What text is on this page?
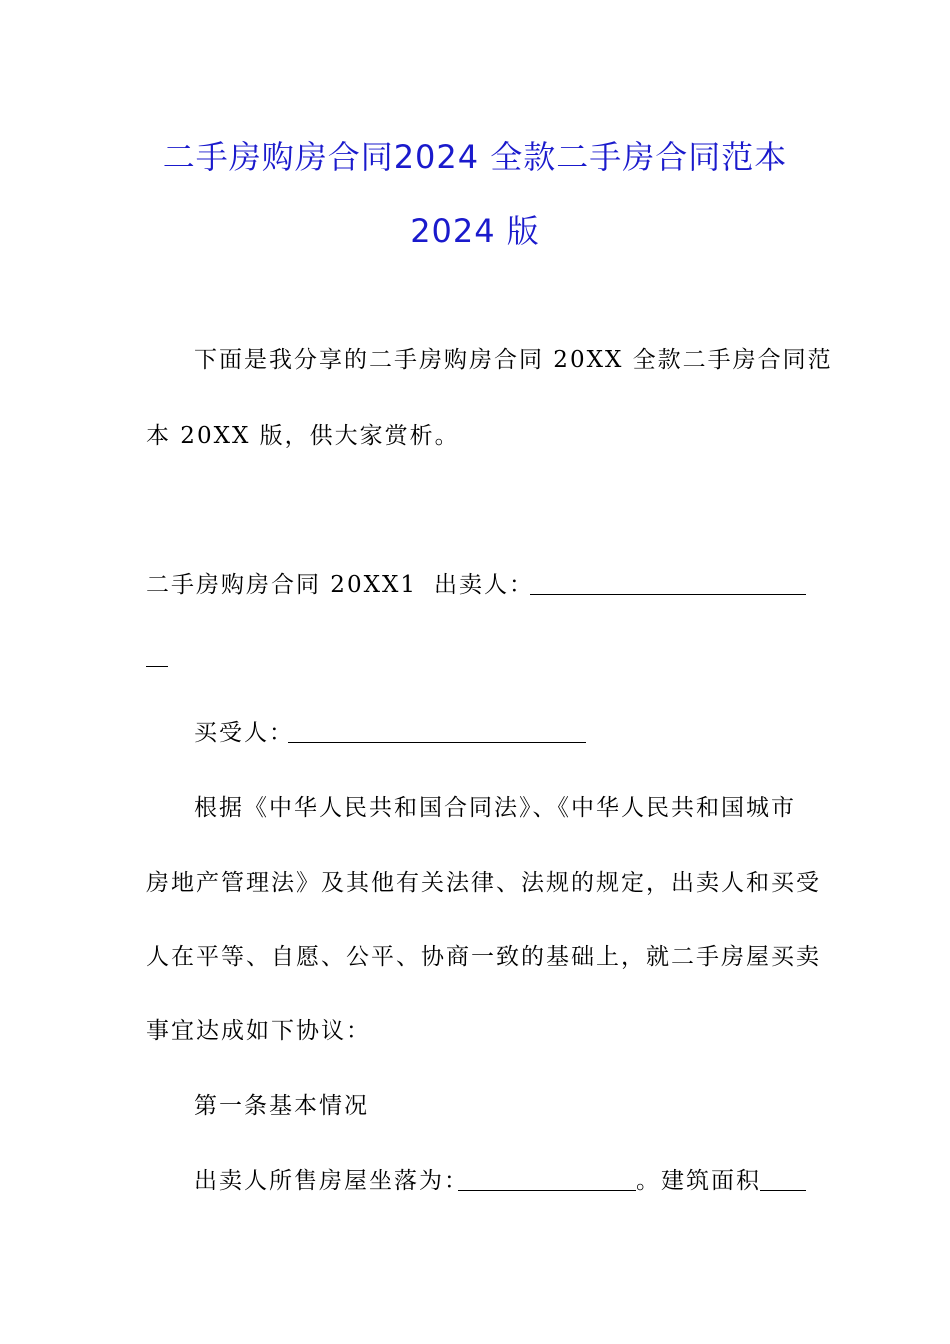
二手房购房合同2024 全款二手房合同范本
2024 版
下面是我分享的二手房购房合同 20XX 全款二手房合同范
本 20XX 版，供大家赏析。
二手房购房合同 20XX1 出卖人：
买受人：
根据《中华人民共和国合同法》、《中华人民共和国城市
房地产管理法》及其他有关法律、法规的规定，出卖人和买受
人在平等、自愿、公平、协商一致的基础上，就二手房屋买卖
事宜达成如下协议：
第一条基本情况
出卖人所售房屋坐落为：	。建筑面积
